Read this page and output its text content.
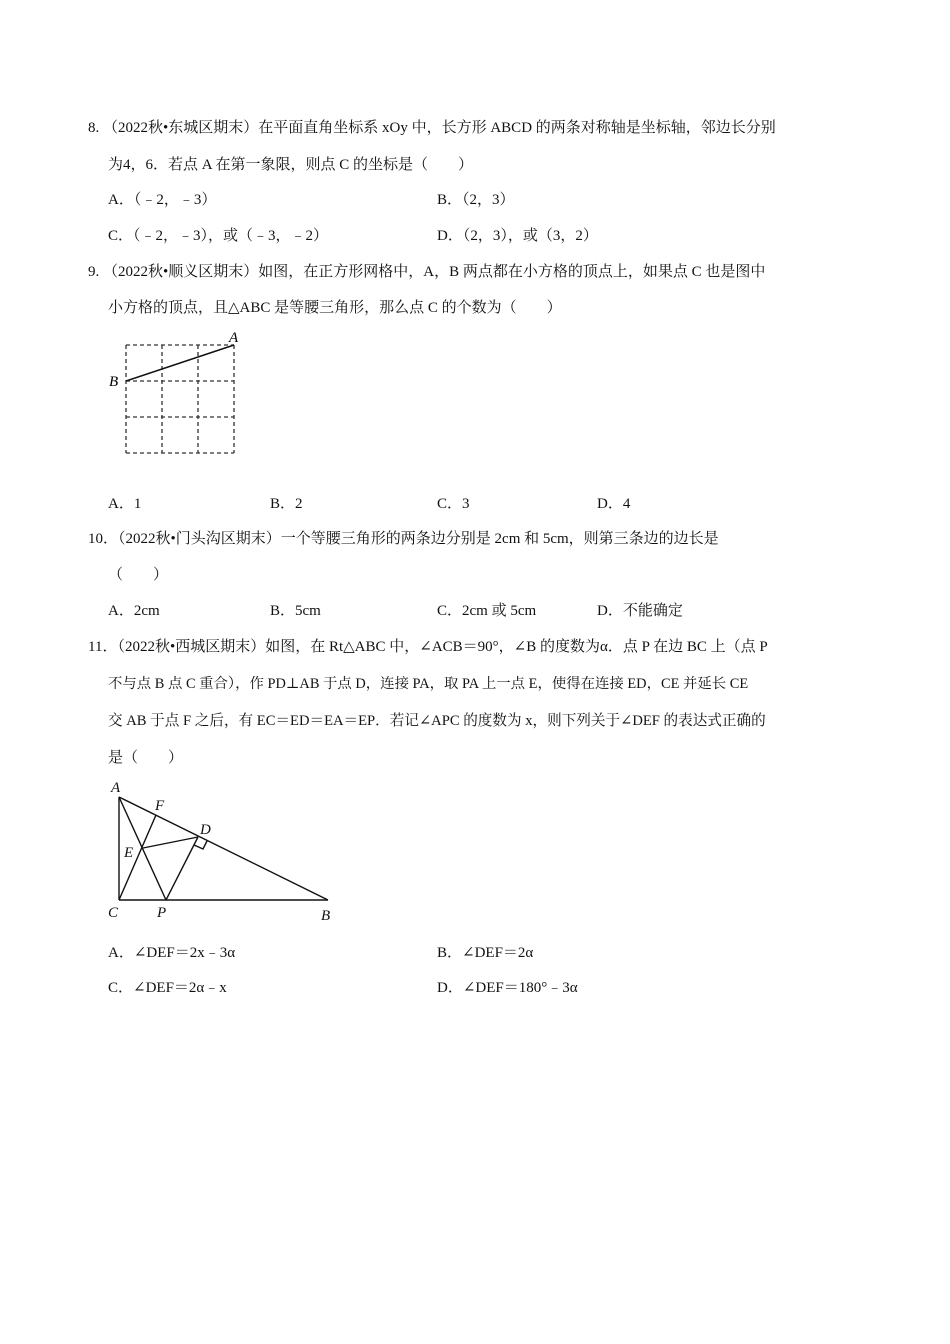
8. （2022秋•东城区期末）在平面直角坐标系 xOy 中，长方形 ABCD 的两条对称轴是坐标轴，邻边长分别
为4，6．若点 A 在第一象限，则点 C 的坐标是（　　）
A．（﹣2，﹣3）	B．（2，3）
C．（﹣2，﹣3），或（﹣3，﹣2）	D．（2，3），或（3，2）
9. （2022秋•顺义区期末）如图，在正方形网格中，A，B 两点都在小方格的顶点上，如果点 C 也是图中
小方格的顶点，且△ABC 是等腰三角形，那么点 C 的个数为（　　）
A
B
A．1	B．2	C．3	D．4
10．（2022秋•门头沟区期末）一个等腰三角形的两条边分别是 2cm 和 5cm，则第三条边的边长是
（　　）
A．2cm	B．5cm	C．2cm 或 5cm	D．不能确定
11．（2022秋•西城区期末）如图，在 Rt△ABC 中，∠ACB＝90°，∠B 的度数为α．点 P 在边 BC 上（点 P
不与点 B 点 C 重合），作 PD⊥AB 于点 D，连接 PA，取 PA 上一点 E，使得在连接 ED，CE 并延长 CE
交 AB 于点 F 之后，有 EC＝ED＝EA＝EP．若记∠APC 的度数为 x，则下列关于∠DEF 的表达式正确的
是（　　）
A
F
D
E
C	P	B
A．∠DEF＝2x﹣3α	B．∠DEF＝2α
C．∠DEF＝2α﹣x	D．∠DEF＝180°﹣3α
